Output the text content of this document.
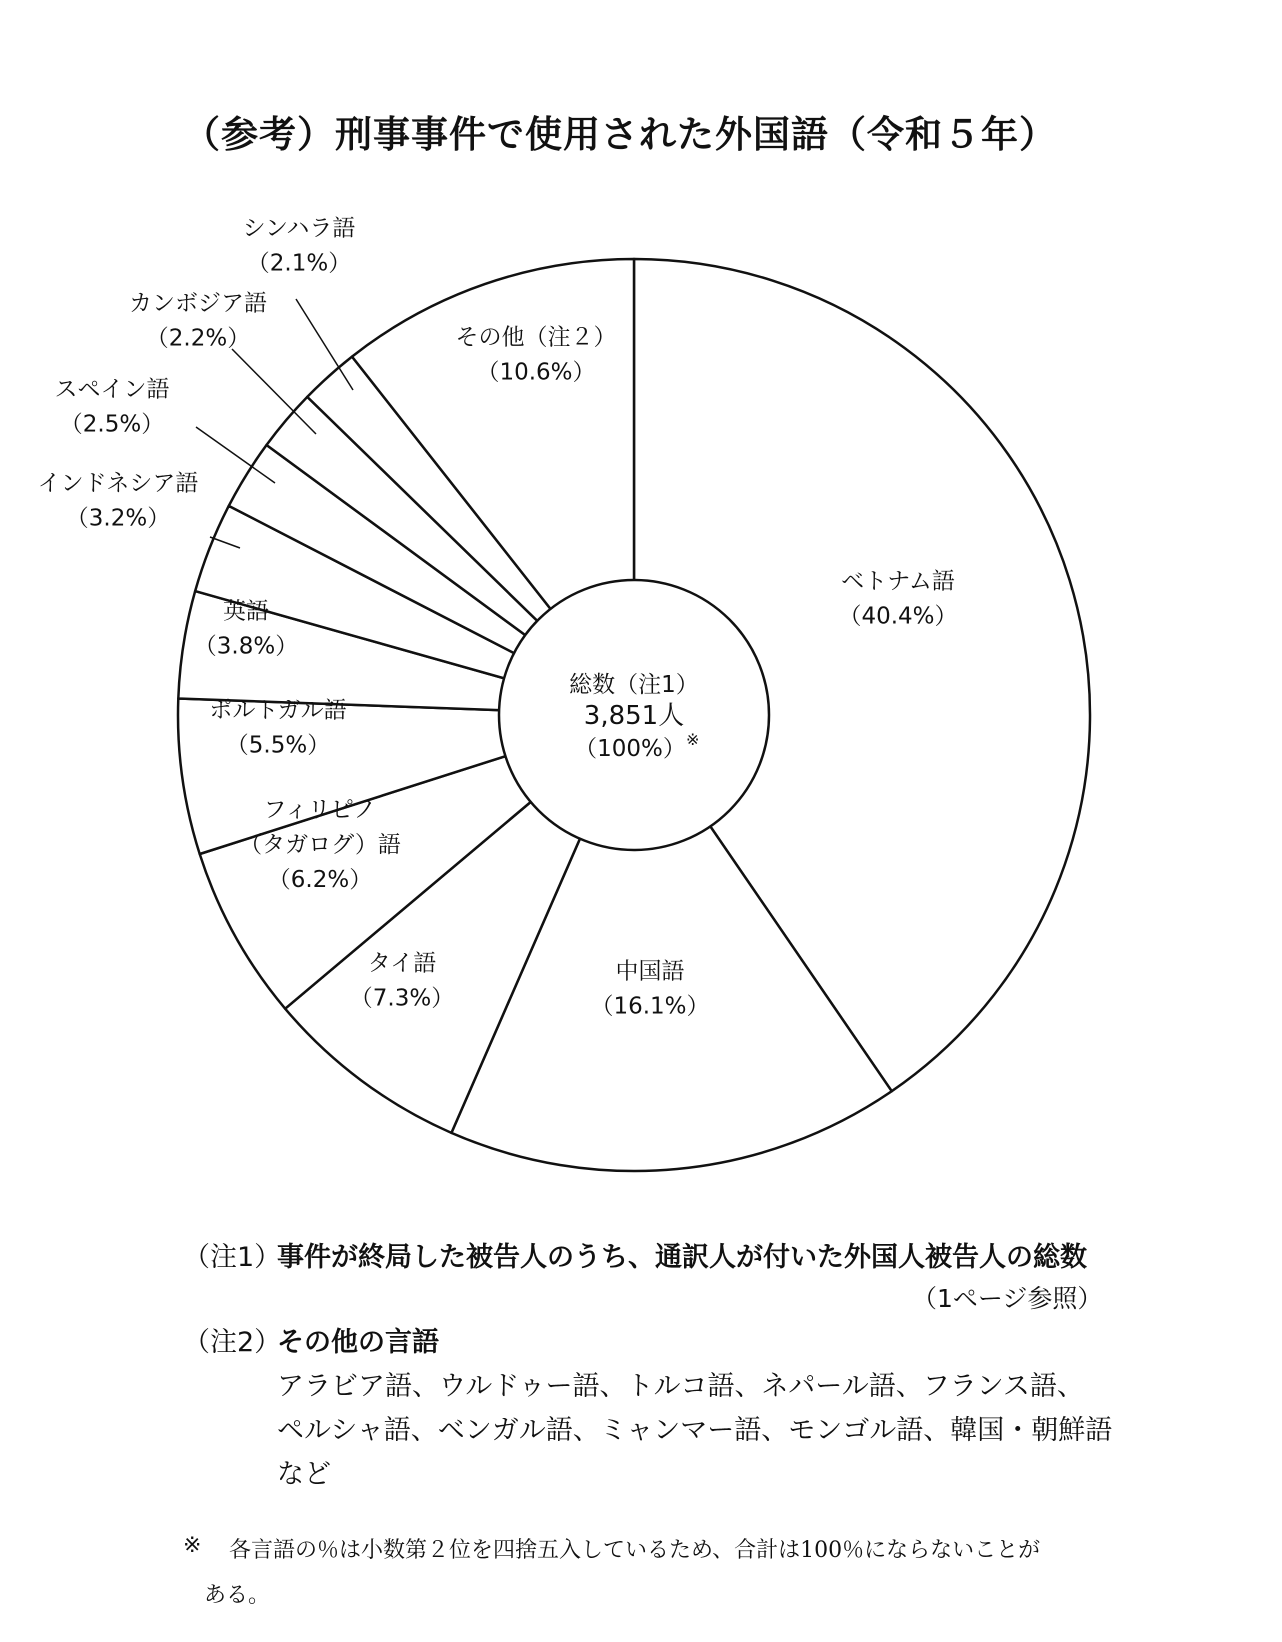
（参考）刑事事件で使用された外国語（令和５年）
ベトナム語
（40.4%）
中国語
（16.1%）
タイ語
（7.3%）
フィリピノ
（タガログ）語
（6.2%）
ポルトガル語
（5.5%）
英語
（3.8%）
インドネシア語
（3.2%）
スペイン語
（2.5%）
カンボジア語
（2.2%）
シンハラ語
（2.1%）
その他（注２）
（10.6%）
総数（注1）
3,851人
（100%） ※
（注1）
事件が終局した被告人のうち、通訳人が付いた外国人被告人の総数
（1ページ参照）
（注2）
その他の言語
アラビア語、ウルドゥー語、トルコ語、ネパール語、フランス語、
ペルシャ語、ベンガル語、ミャンマー語、モンゴル語、韓国・朝鮮語
など
※ 各言語の％は小数第２位を四捨五入しているため、合計は100％にならないことが
ある。
